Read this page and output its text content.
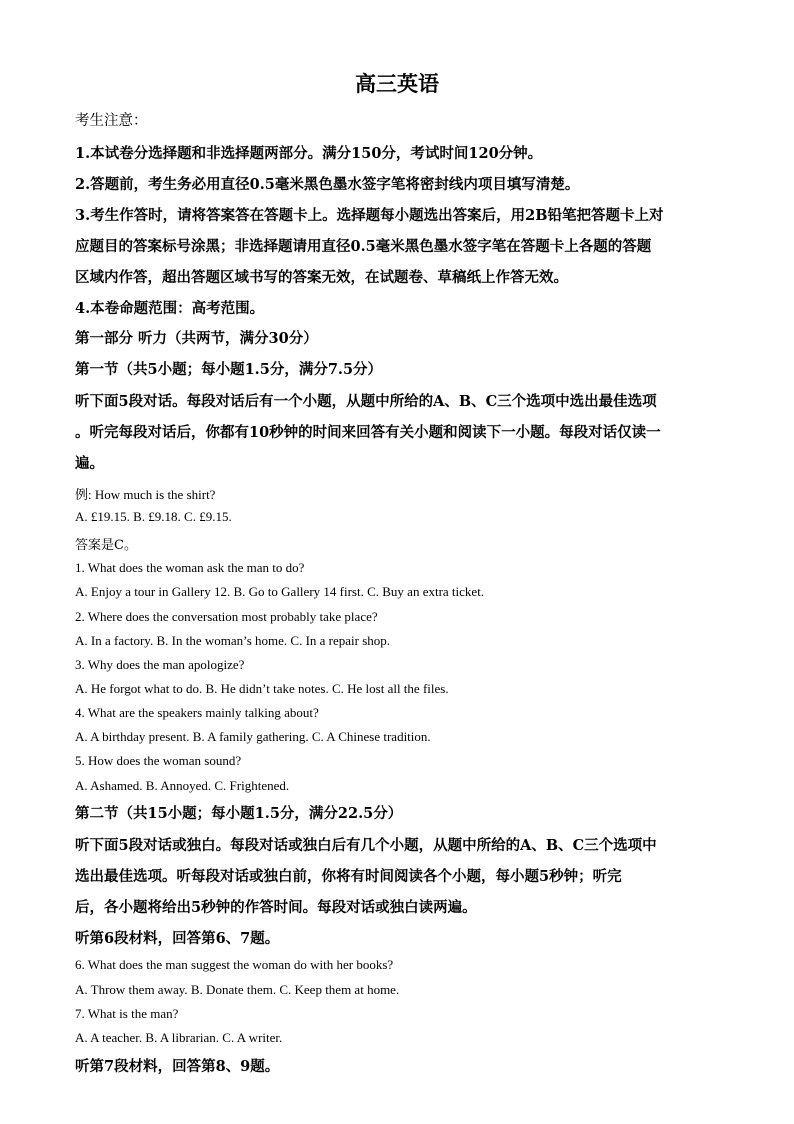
高三英语
考生注意：
1.本试卷分选择题和非选择题两部分。满分150分，考试时间120分钟。
2.答题前，考生务必用直径0.5毫米黑色墨水签字笔将密封线内项目填写清楚。
3.考生作答时，请将答案答在答题卡上。选择题每小题选出答案后，用2B铅笔把答题卡上对
应题目的答案标号涂黑；非选择题请用直径0.5毫米黑色墨水签字笔在答题卡上各题的答题
区域内作答，超出答题区域书写的答案无效，在试题卷、草稿纸上作答无效。
4.本卷命题范围：高考范围。
第一部分 听力（共两节，满分30分）
第一节（共5小题；每小题1.5分，满分7.5分）
听下面5段对话。每段对话后有一个小题，从题中所给的A、B、C三个选项中选出最佳选项
。听完每段对话后，你都有10秒钟的时间来回答有关小题和阅读下一小题。每段对话仅读一
遍。
例: How much is the shirt?
A. £19.15. B. £9.18. C. £9.15.
答案是C。
1. What does the woman ask the man to do?
A. Enjoy a tour in Gallery 12. B. Go to Gallery 14 first. C. Buy an extra ticket.
2. Where does the conversation most probably take place?
A. In a factory. B. In the woman’s home. C. In a repair shop.
3. Why does the man apologize?
A. He forgot what to do. B. He didn’t take notes. C. He lost all the files.
4. What are the speakers mainly talking about?
A. A birthday present. B. A family gathering. C. A Chinese tradition.
5. How does the woman sound?
A. Ashamed. B. Annoyed. C. Frightened.
第二节（共15小题；每小题1.5分，满分22.5分）
听下面5段对话或独白。每段对话或独白后有几个小题，从题中所给的A、B、C三个选项中
选出最佳选项。听每段对话或独白前，你将有时间阅读各个小题，每小题5秒钟；听完
后，各小题将给出5秒钟的作答时间。每段对话或独白读两遍。
听第6段材料，回答第6、7题。
6. What does the man suggest the woman do with her books?
A. Throw them away. B. Donate them. C. Keep them at home.
7. What is the man?
A. A teacher. B. A librarian. C. A writer.
听第7段材料，回答第8、9题。
